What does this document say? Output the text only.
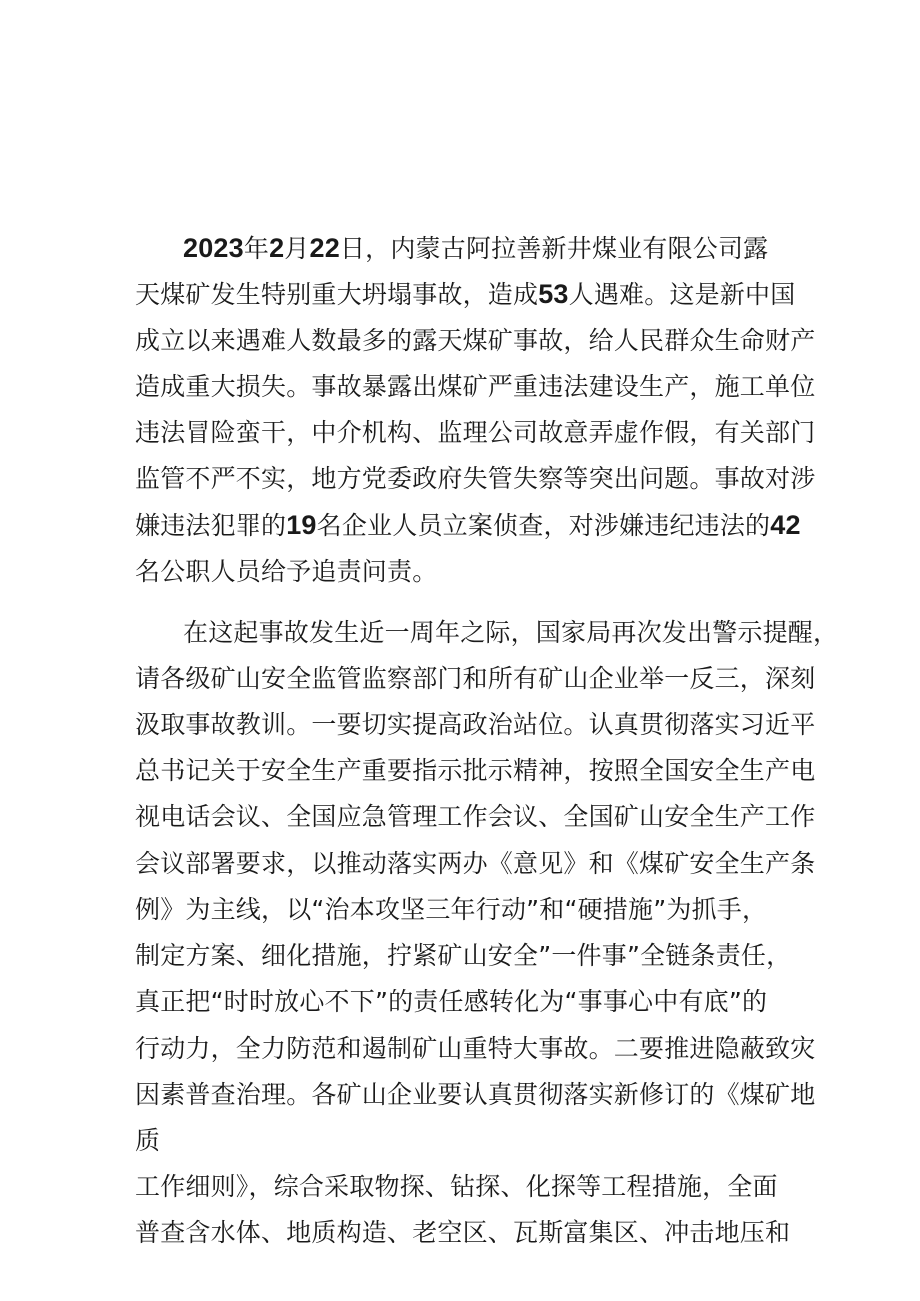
2023年2月22日，内蒙古阿拉善新井煤业有限公司露
天煤矿发生特别重大坍塌事故，造成53人遇难。这是新中国
成立以来遇难人数最多的露天煤矿事故，给人民群众生命财产
造成重大损失。事故暴露出煤矿严重违法建设生产，施工单位
违法冒险蛮干，中介机构、监理公司故意弄虚作假，有关部门
监管不严不实，地方党委政府失管失察等突出问题。事故对涉
嫌违法犯罪的19名企业人员立案侦查，对涉嫌违纪违法的42
名公职人员给予追责问责。
在这起事故发生近一周年之际，国家局再次发出警示提醒，
请各级矿山安全监管监察部门和所有矿山企业举一反三，深刻
汲取事故教训。一要切实提高政治站位。认真贯彻落实习近平
总书记关于安全生产重要指示批示精神，按照全国安全生产电
视电话会议、全国应急管理工作会议、全国矿山安全生产工作
会议部署要求，以推动落实两办《意见》和《煤矿安全生产条
例》为主线，以“治本攻坚三年行动”和“硬措施”为抓手，
制定方案、细化措施，拧紧矿山安全”一件事”全链条责任，
真正把“时时放心不下”的责任感转化为“事事心中有底”的
行动力，全力防范和遏制矿山重特大事故。二要推进隐蔽致灾
因素普查治理。各矿山企业要认真贯彻落实新修订的《煤矿地
质
工作细则》，综合采取物探、钻探、化探等工程措施，全面
普查含水体、地质构造、老空区、瓦斯富集区、冲击地压和
